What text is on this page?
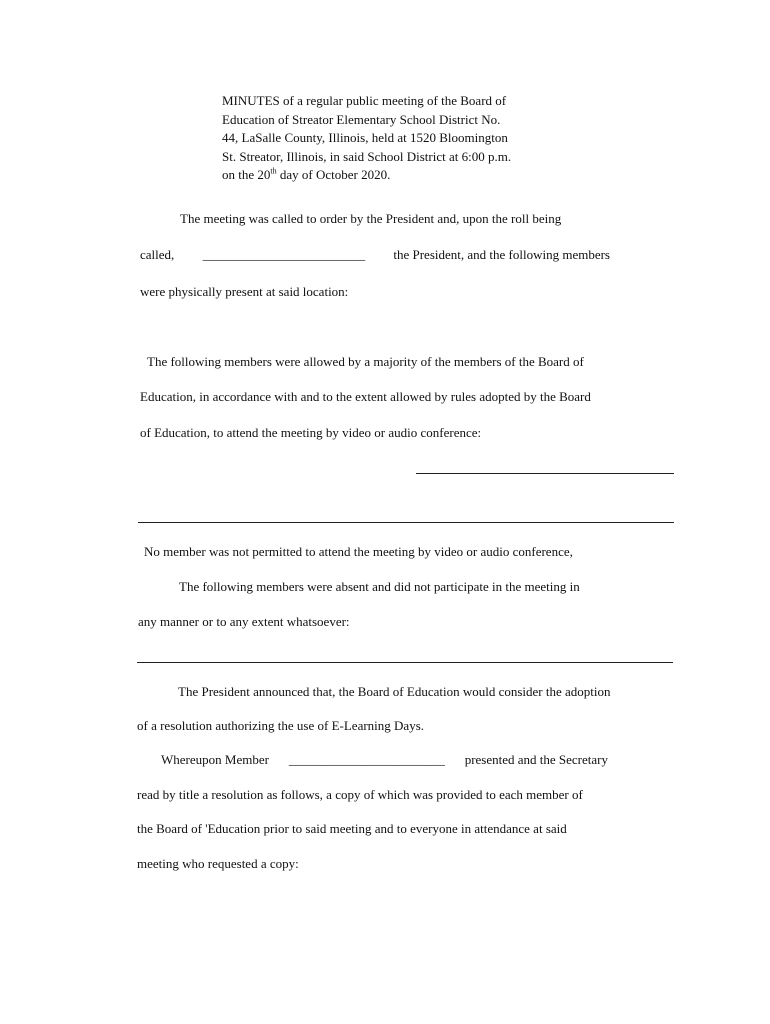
MINUTES of a regular public meeting of the Board of
Education of Streator Elementary School District No.
44, LaSalle County, Illinois, held at 1520 Bloomington
St. Streator, Illinois, in said School District at 6:00 p.m.
on the 20th day of October 2020.
The meeting was called to order by the President and, upon the roll being
called, _________________________ the President, and the following members
were physically present at said location:
The following members were allowed by a majority of the members of the Board of
Education, in accordance with and to the extent allowed by rules adopted by the Board
of Education, to attend the meeting by video or audio conference:
No member was not permitted to attend the meeting by video or audio conference,
The following members were absent and did not participate in the meeting in
any manner or to any extent whatsoever:
The President announced that, the Board of Education would consider the adoption
of a resolution authorizing the use of E-Learning Days.
Whereupon Member ________________________ presented and the Secretary
read by title a resolution as follows, a copy of which was provided to each member of
the Board of 'Education prior to said meeting and to everyone in attendance at said
meeting who requested a copy:
